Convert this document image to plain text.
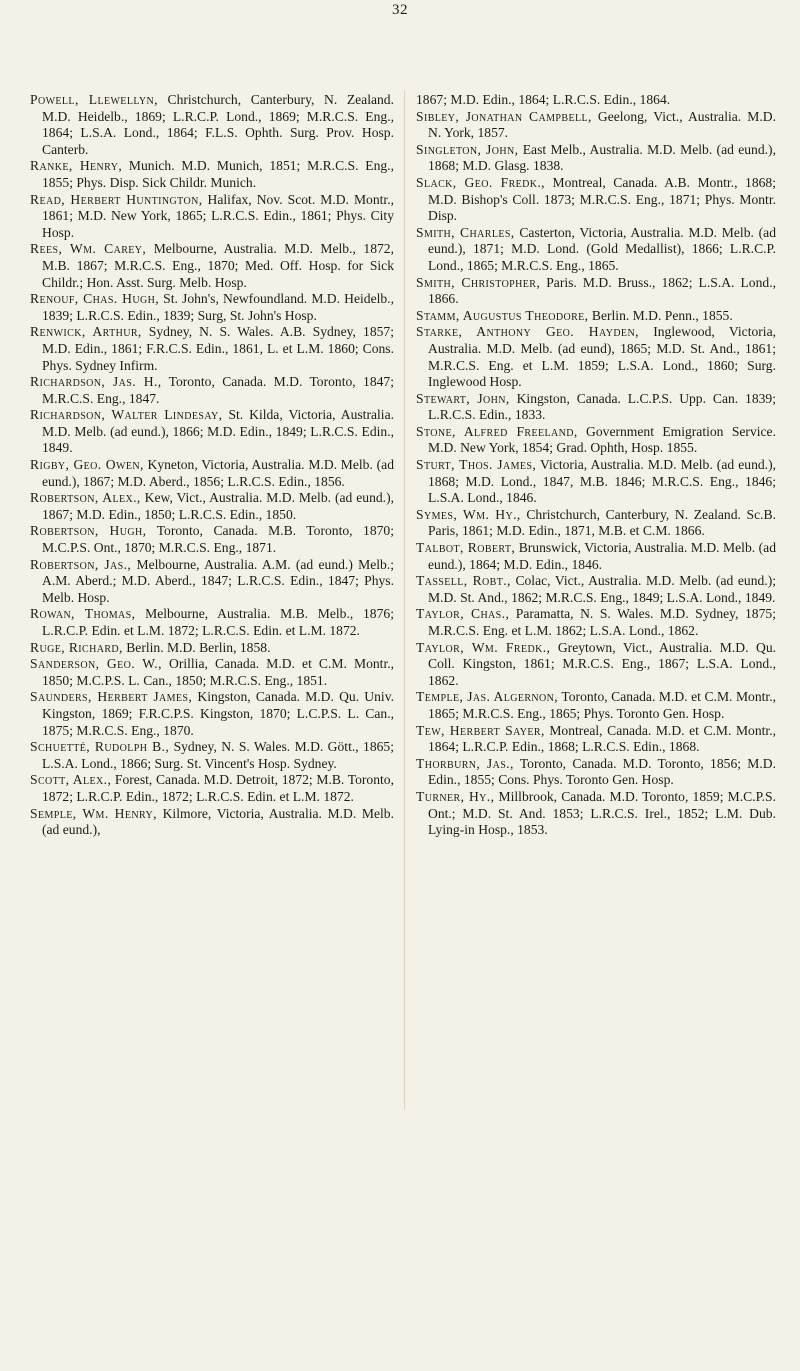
32

Powell, Llewellyn, Christchurch, Canterbury, N. Zealand. M.D. Heidelb., 1869; L.R.C.P. Lond., 1869; M.R.C.S. Eng., 1864; L.S.A. Lond., 1864; F.L.S. Ophth. Surg. Prov. Hosp. Canterb.

Ranke, Henry, Munich. M.D. Munich, 1851; M.R.C.S. Eng., 1855; Phys. Disp. Sick Childr. Munich.

Read, Herbert Huntington, Halifax, Nov. Scot. M.D. Montr., 1861; M.D. New York, 1865; L.R.C.S. Edin., 1861; Phys. City Hosp.

Rees, Wm. Carey, Melbourne, Australia. M.D. Melb., 1872, M.B. 1867; M.R.C.S. Eng., 1870; Med. Off. Hosp. for Sick Childr.; Hon. Asst. Surg. Melb. Hosp.

Renouf, Chas. Hugh, St. John's, Newfoundland. M.D. Heidelb., 1839; L.R.C.S. Edin., 1839; Surg, St. John's Hosp.

Renwick, Arthur, Sydney, N. S. Wales. A.B. Sydney, 1857; M.D. Edin., 1861; F.R.C.S. Edin., 1861, L. et L.M. 1860; Cons. Phys. Sydney Infirm.

Richardson, Jas. H., Toronto, Canada. M.D. Toronto, 1847; M.R.C.S. Eng., 1847.

Richardson, Walter Lindesay, St. Kilda, Victoria, Australia. M.D. Melb. (ad eund.), 1866; M.D. Edin., 1849; L.R.C.S. Edin., 1849.

Rigby, Geo. Owen, Kyneton, Victoria, Australia. M.D. Melb. (ad eund.), 1867; M.D. Aberd., 1856; L.R.C.S. Edin., 1856.

Robertson, Alex., Kew, Vict., Australia. M.D. Melb. (ad eund.), 1867; M.D. Edin., 1850; L.R.C.S. Edin., 1850.

Robertson, Hugh, Toronto, Canada. M.B. Toronto, 1870; M.C.P.S. Ont., 1870; M.R.C.S. Eng., 1871.

Robertson, Jas., Melbourne, Australia. A.M. (ad eund.) Melb.; A.M. Aberd.; M.D. Aberd., 1847; L.R.C.S. Edin., 1847; Phys. Melb. Hosp.

Rowan, Thomas, Melbourne, Australia. M.B. Melb., 1876; L.R.C.P. Edin. et L.M. 1872; L.R.C.S. Edin. et L.M. 1872.

Ruge, Richard, Berlin. M.D. Berlin, 1858.

Sanderson, Geo. W., Orillia, Canada. M.D. et C.M. Montr., 1850; M.C.P.S. L. Can., 1850; M.R.C.S. Eng., 1851.

Saunders, Herbert James, Kingston, Canada. M.D. Qu. Univ. Kingston, 1869; F.R.C.P.S. Kingston, 1870; L.C.P.S. L. Can., 1875; M.R.C.S. Eng., 1870.

Schuetté, Rudolph B., Sydney, N. S. Wales. M.D. Gött., 1865; L.S.A. Lond., 1866; Surg. St. Vincent's Hosp. Sydney.

Scott, Alex., Forest, Canada. M.D. Detroit, 1872; M.B. Toronto, 1872; L.R.C.P. Edin., 1872; L.R.C.S. Edin. et L.M. 1872.

Semple, Wm. Henry, Kilmore, Victoria, Australia. M.D. Melb. (ad eund.),

1867; M.D. Edin., 1864; L.R.C.S. Edin., 1864.

Sibley, Jonathan Campbell, Geelong, Vict., Australia. M.D. N. York, 1857.

Singleton, John, East Melb., Australia. M.D. Melb. (ad eund.), 1868; M.D. Glasg. 1838.

Slack, Geo. Fredk., Montreal, Canada. A.B. Montr., 1868; M.D. Bishop's Coll. 1873; M.R.C.S. Eng., 1871; Phys. Montr. Disp.

Smith, Charles, Casterton, Victoria, Australia. M.D. Melb. (ad eund.), 1871; M.D. Lond. (Gold Medallist), 1866; L.R.C.P. Lond., 1865; M.R.C.S. Eng., 1865.

Smith, Christopher, Paris. M.D. Bruss., 1862; L.S.A. Lond., 1866.

Stamm, Augustus Theodore, Berlin. M.D. Penn., 1855.

Starke, Anthony Geo. Hayden, Inglewood, Victoria, Australia. M.D. Melb. (ad eund), 1865; M.D. St. And., 1861; M.R.C.S. Eng. et L.M. 1859; L.S.A. Lond., 1860; Surg. Inglewood Hosp.

Stewart, John, Kingston, Canada. L.C.P.S. Upp. Can. 1839; L.R.C.S. Edin., 1833.

Stone, Alfred Freeland, Government Emigration Service. M.D. New York, 1854; Grad. Ophth, Hosp. 1855.

Sturt, Thos. James, Victoria, Australia. M.D. Melb. (ad eund.), 1868; M.D. Lond., 1847, M.B. 1846; M.R.C.S. Eng., 1846; L.S.A. Lond., 1846.

Symes, Wm. Hy., Christchurch, Canterbury, N. Zealand. Sc.B. Paris, 1861; M.D. Edin., 1871, M.B. et C.M. 1866.

Talbot, Robert, Brunswick, Victoria, Australia. M.D. Melb. (ad eund.), 1864; M.D. Edin., 1846.

Tassell, Robt., Colac, Vict., Australia. M.D. Melb. (ad eund.); M.D. St. And., 1862; M.R.C.S. Eng., 1849; L.S.A. Lond., 1849.

Taylor, Chas., Paramatta, N. S. Wales. M.D. Sydney, 1875; M.R.C.S. Eng. et L.M. 1862; L.S.A. Lond., 1862.

Taylor, Wm. Fredk., Greytown, Vict., Australia. M.D. Qu. Coll. Kingston, 1861; M.R.C.S. Eng., 1867; L.S.A. Lond., 1862.

Temple, Jas. Algernon, Toronto, Canada. M.D. et C.M. Montr., 1865; M.R.C.S. Eng., 1865; Phys. Toronto Gen. Hosp.

Tew, Herbert Sayer, Montreal, Canada. M.D. et C.M. Montr., 1864; L.R.C.P. Edin., 1868; L.R.C.S. Edin., 1868.

Thorburn, Jas., Toronto, Canada. M.D. Toronto, 1856; M.D. Edin., 1855; Cons. Phys. Toronto Gen. Hosp.

Turner, Hy., Millbrook, Canada. M.D. Toronto, 1859; M.C.P.S. Ont.; M.D. St. And. 1853; L.R.C.S. Irel., 1852; L.M. Dub. Lying-in Hosp., 1853.
